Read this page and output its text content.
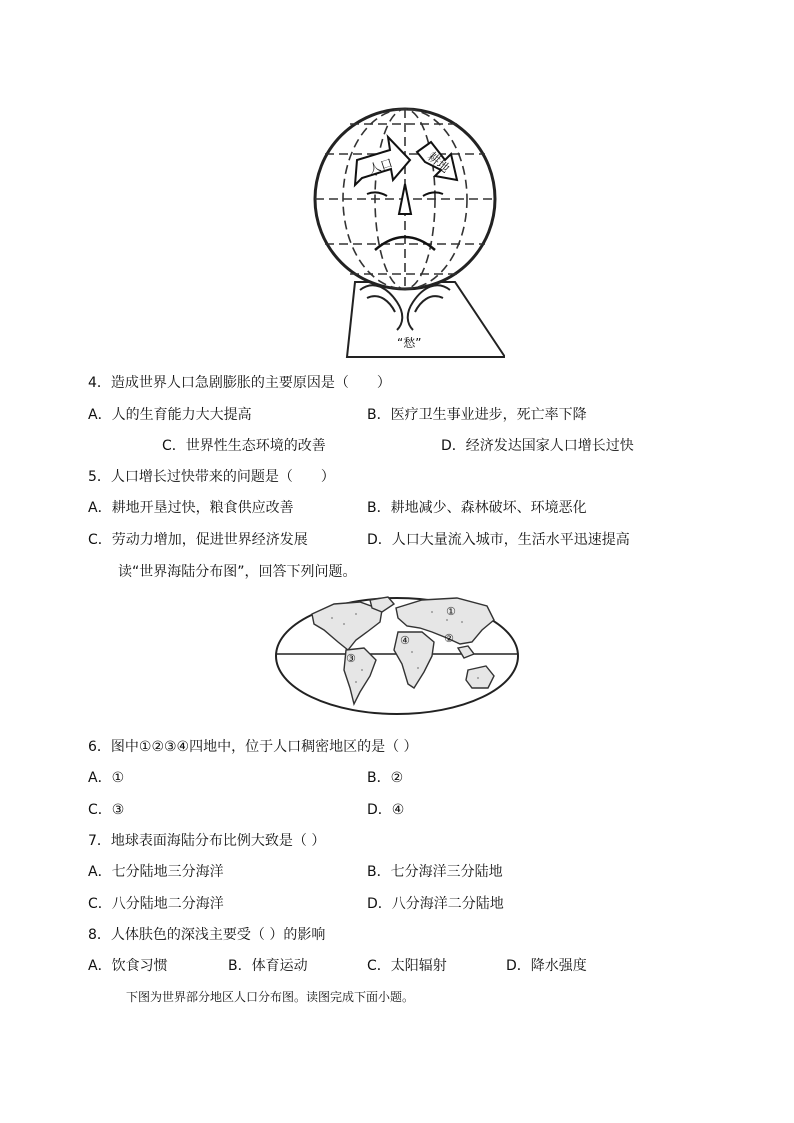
人口	耕地
“愁”
4．造成世界人口急剧膨胀的主要原因是（　　）
A．人的生育能力大大提高	B．医疗卫生事业进步，死亡率下降
C．世界性生态环境的改善	D．经济发达国家人口增长过快
5．人口增长过快带来的问题是（　　）
A．耕地开垦过快，粮食供应改善	B．耕地减少、森林破坏、环境恶化
C．劳动力增加，促进世界经济发展	D．人口大量流入城市，生活水平迅速提高
读“世界海陆分布图”，回答下列问题。
①
②
③
④
6．图中①②③④四地中，位于人口稠密地区的是（ ）
A．①	B．②
C．③	D．④
7．地球表面海陆分布比例大致是（ ）
A．七分陆地三分海洋	B．七分海洋三分陆地
C．八分陆地二分海洋	D．八分海洋二分陆地
8．人体肤色的深浅主要受（ ）的影响
A．饮食习惯	B．体育运动	C．太阳辐射	D．降水强度
下图为世界部分地区人口分布图。读图完成下面小题。
